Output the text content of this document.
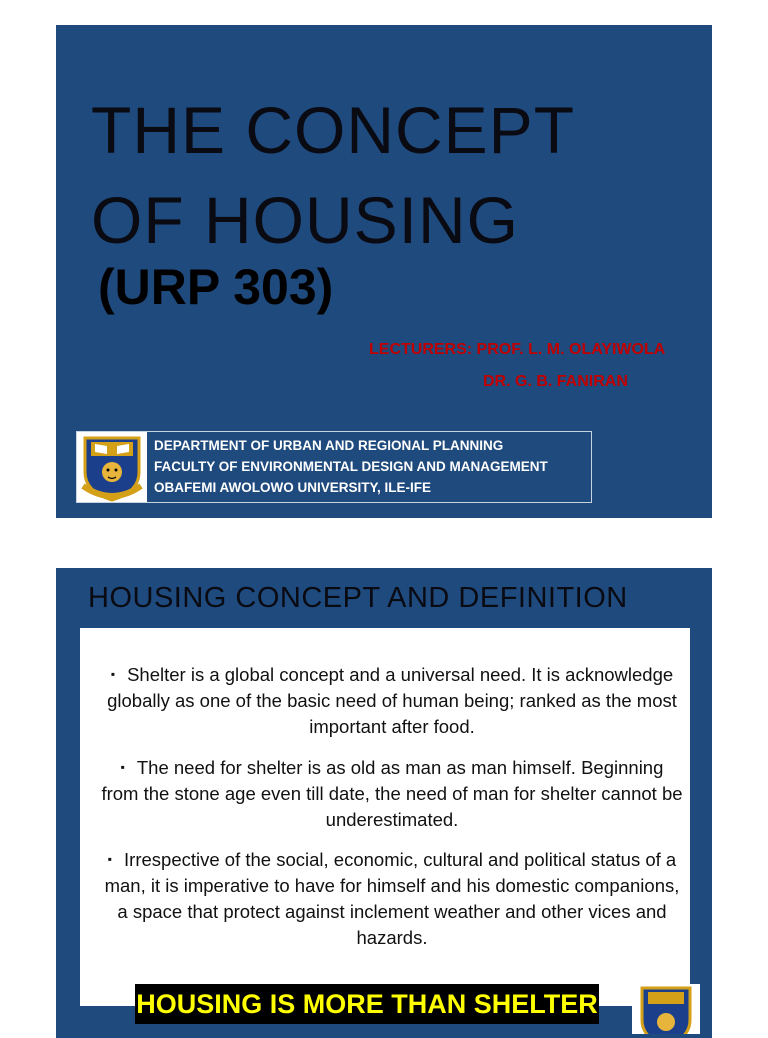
THE CONCEPT
OF HOUSING
(URP 303)
LECTURERS: PROF. L. M. OLAYIWOLA
DR. G. B. FANIRAN
DEPARTMENT OF URBAN AND REGIONAL PLANNING
FACULTY OF ENVIRONMENTAL DESIGN AND MANAGEMENT
OBAFEMI AWOLOWO UNIVERSITY, ILE-IFE
HOUSING CONCEPT AND DEFINITION
▪ Shelter is a global concept and a universal need. It is acknowledge globally as one of the basic need of human being; ranked as the most important after food.
▪ The need for shelter is as old as man as man himself. Beginning from the stone age even till date, the need of man for shelter cannot be underestimated.
▪ Irrespective of the social, economic, cultural and political status of a man, it is imperative to have for himself and his domestic companions, a space that protect against inclement weather and other vices and hazards.
HOUSING IS MORE THAN SHELTER
